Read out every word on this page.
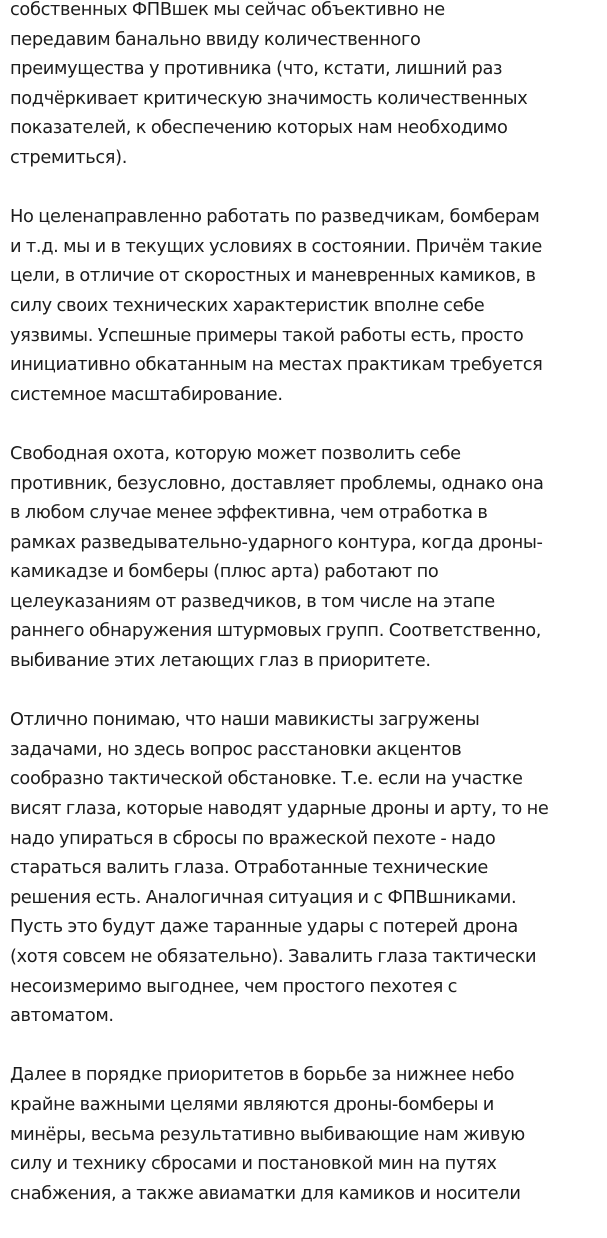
собственных ФПВшек мы сейчас объективно не
передавим банально ввиду количественного
преимущества у противника (что, кстати, лишний раз
подчёркивает критическую значимость количественных
показателей, к обеспечению которых нам необходимо
стремиться).

Но целенаправленно работать по разведчикам, бомберам
и т.д. мы и в текущих условиях в состоянии. Причём такие
цели, в отличие от скоростных и маневренных камиков, в
силу своих технических характеристик вполне себе
уязвимы. Успешные примеры такой работы есть, просто
инициативно обкатанным на местах практикам требуется
системное масштабирование.

Свободная охота, которую может позволить себе
противник, безусловно, доставляет проблемы, однако она
в любом случае менее эффективна, чем отработка в
рамках разведывательно-ударного контура, когда дроны-
камикадзе и бомберы (плюс арта) работают по
целеуказаниям от разведчиков, в том числе на этапе
раннего обнаружения штурмовых групп. Соответственно,
выбивание этих летающих глаз в приоритете.

Отлично понимаю, что наши мавикисты загружены
задачами, но здесь вопрос расстановки акцентов
сообразно тактической обстановке. Т.е. если на участке
висят глаза, которые наводят ударные дроны и арту, то не
надо упираться в сбросы по вражеской пехоте - надо
стараться валить глаза. Отработанные технические
решения есть. Аналогичная ситуация и с ФПВшниками.
Пусть это будут даже таранные удары с потерей дрона
(хотя совсем не обязательно). Завалить глаза тактически
несоизмеримо выгоднее, чем простого пехотея с
автоматом.

Далее в порядке приоритетов в борьбе за нижнее небо
крайне важными целями являются дроны-бомберы и
минёры, весьма результативно выбивающие нам живую
силу и технику сбросами и постановкой мин на путях
снабжения, а также авиаматки для камиков и носители
